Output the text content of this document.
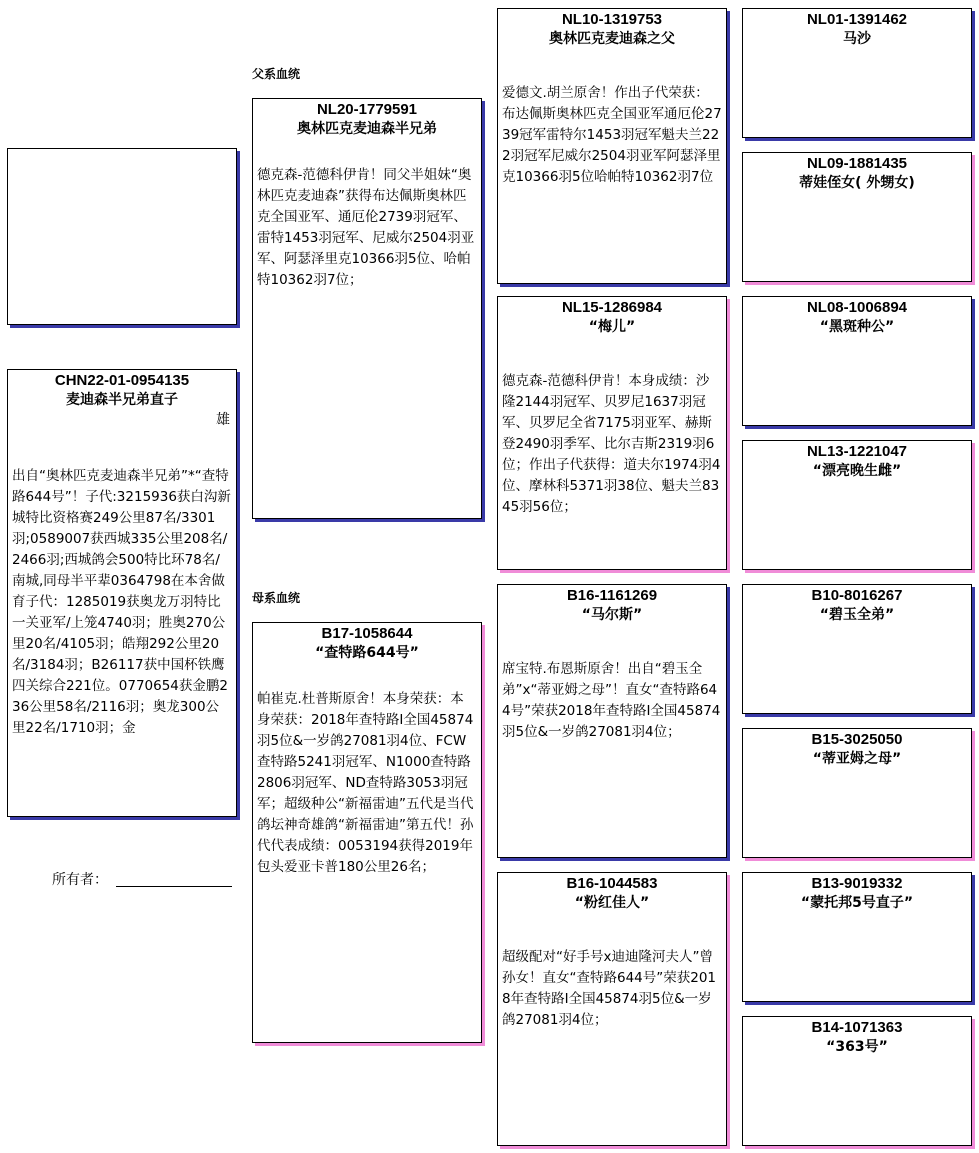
CHN22-01-0954135
麦迪森半兄弟直子
雄
出自“奥林匹克麦迪森半兄弟”*“查特路644号”！子代:3215936获白沟新城特比资格赛249公里87名/3301羽;0589007获西城335公里208名/2466羽;西城鸽会500特比环78名/南城,同母半平辈0364798在本舍做育子代：1285019获奥龙万羽特比一关亚军/上笼4740羽；胜奥270公里20名/4105羽；皓翔292公里20名/3184羽；B26117获中国杯铁鹰四关综合221位。0770654获金鹏236公里58名/2116羽；奥龙300公里22名/1710羽；金
所有者：
父系血统
母系血统
NL20-1779591
奥林匹克麦迪森半兄弟
德克森-范德科伊肯！同父半姐妹“奥林匹克麦迪森”获得布达佩斯奥林匹克全国亚军、通厄伦2739羽冠军、雷特1453羽冠军、尼威尔2504羽亚军、阿瑟泽里克10366羽5位、哈帕特10362羽7位；
B17-1058644
“查特路644号”
帕崔克.杜普斯原舍！本身荣获：本身荣获：2018年查特路I全国45874羽5位&一岁鸽27081羽4位、FCW查特路5241羽冠军、N1000查特路2806羽冠军、ND查特路3053羽冠军；超级种公“新福雷迪”五代是当代鸽坛神奇雄鸽“新福雷迪”第五代！孙代代表成绩：0053194获得2019年包头爱亚卡普180公里26名；
NL10-1319753
奥林匹克麦迪森之父
爱德文.胡兰原舍！作出子代荣获：布达佩斯奥林匹克全国亚军通厄伦2739冠军雷特尔1453羽冠军魁夫兰222羽冠军尼威尔2504羽亚军阿瑟泽里克10366羽5位哈帕特10362羽7位
NL15-1286984
“梅儿”
德克森-范德科伊肯！本身成绩：沙隆2144羽冠军、贝罗尼1637羽冠军、贝罗尼全省7175羽亚军、赫斯登2490羽季军、比尔吉斯2319羽6位；作出子代获得：道夫尔1974羽4位、摩林科5371羽38位、魁夫兰8345羽56位；
B16-1161269
“马尔斯”
席宝特.布恩斯原舍！出自“碧玉全弟”x“蒂亚姆之母”！直女“查特路644号”荣获2018年查特路I全国45874羽5位&一岁鸽27081羽4位；
B16-1044583
“粉红佳人”
超级配对“好手号x迪迪隆河夫人”曾孙女！直女“查特路644号”荣获2018年查特路I全国45874羽5位&一岁鸽27081羽4位；
NL01-1391462
马沙
NL09-1881435
蒂娃侄女( 外甥女)
NL08-1006894
“黑斑种公”
NL13-1221047
“漂亮晚生雌”
B10-8016267
“碧玉全弟”
B15-3025050
“蒂亚姆之母”
B13-9019332
“蒙托邦5号直子”
B14-1071363
“363号”
